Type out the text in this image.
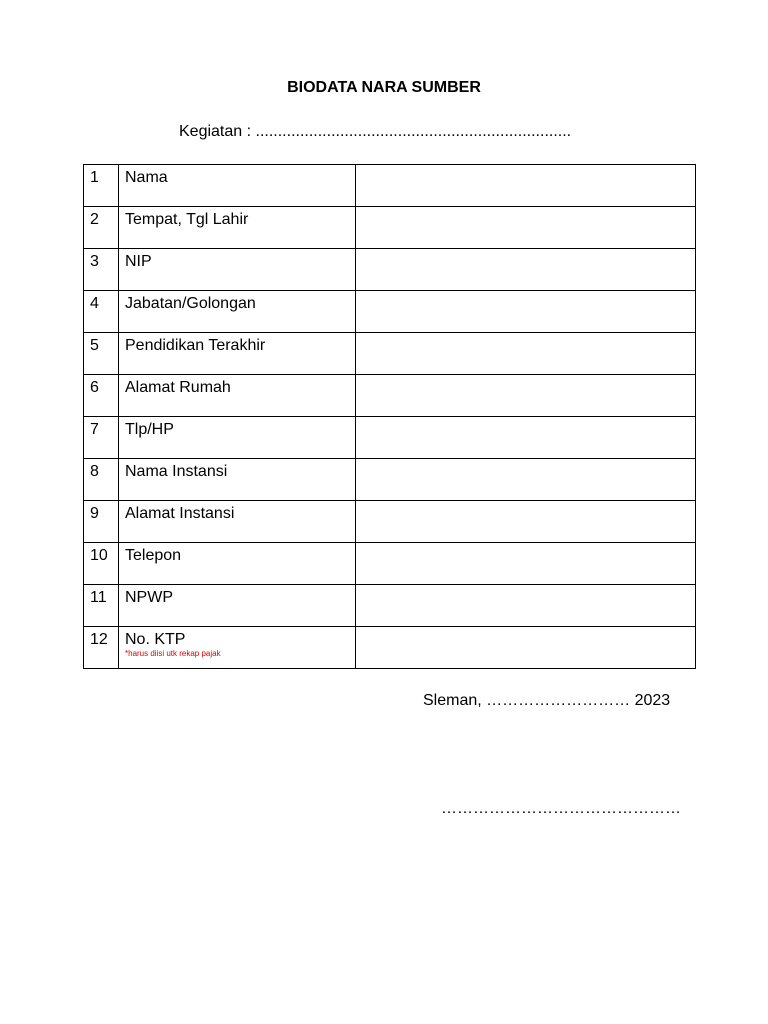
BIODATA NARA SUMBER
Kegiatan : .......................................................................
1	Nama	

2	Tempat, Tgl Lahir	

3	NIP	

4	Jabatan/Golongan	

5	Pendidikan Terakhir	

6	Alamat Rumah	

7	Tlp/HP	

8	Nama Instansi	

9	Alamat Instansi	

10	Telepon	

11	NPWP	

12	No. KTP
*harus diisi utk rekap pajak	

Sleman, ……………………… 2023
………………………………………
